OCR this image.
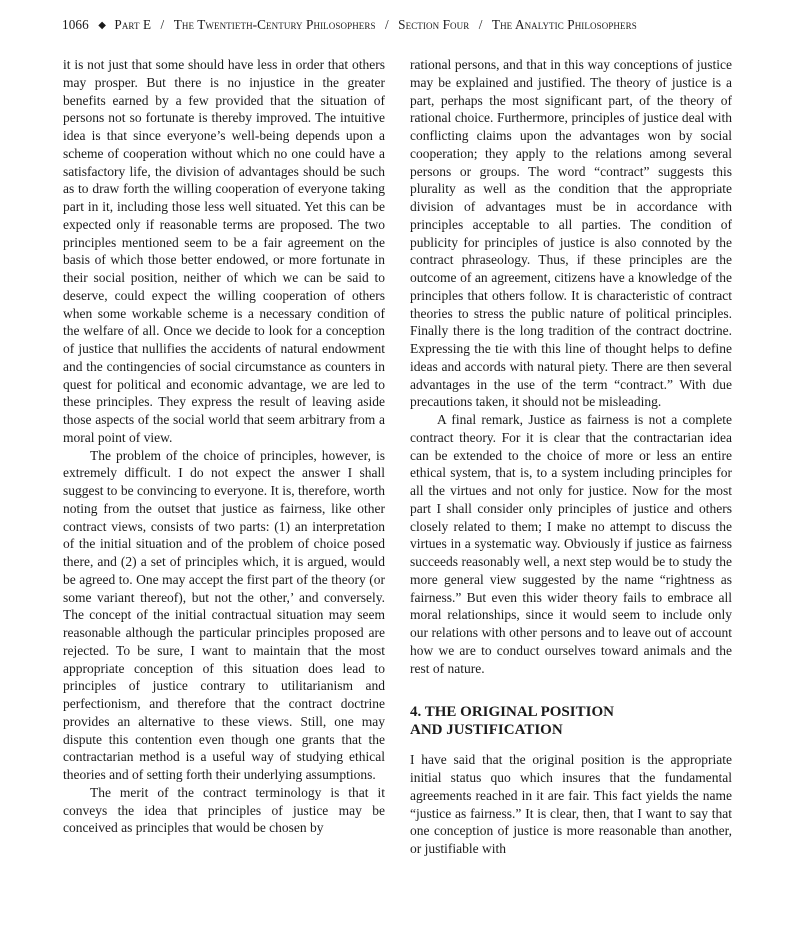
1066 ◆ Part E / The Twentieth-Century Philosophers / Section Four / The Analytic Philosophers

it is not just that some should have less in order that others may prosper. But there is no injustice in the greater benefits earned by a few provided that the situation of persons not so fortunate is thereby improved. The intuitive idea is that since everyone’s well-being depends upon a scheme of cooperation without which no one could have a satisfactory life, the division of advantages should be such as to draw forth the willing cooperation of everyone taking part in it, including those less well situated. Yet this can be expected only if reasonable terms are proposed. The two principles mentioned seem to be a fair agreement on the basis of which those better endowed, or more fortunate in their social position, neither of which we can be said to deserve, could expect the willing cooperation of others when some workable scheme is a necessary condition of the welfare of all. Once we decide to look for a conception of justice that nullifies the accidents of natural endowment and the contingencies of social circumstance as counters in quest for political and economic advantage, we are led to these principles. They express the result of leaving aside those aspects of the social world that seem arbitrary from a moral point of view.

The problem of the choice of principles, however, is extremely difficult. I do not expect the answer I shall suggest to be convincing to everyone. It is, therefore, worth noting from the outset that justice as fairness, like other contract views, consists of two parts: (1) an interpretation of the initial situation and of the problem of choice posed there, and (2) a set of principles which, it is argued, would be agreed to. One may accept the first part of the theory (or some variant thereof), but not the other,’ and conversely. The concept of the initial contractual situation may seem reasonable although the particular principles proposed are rejected. To be sure, I want to maintain that the most appropriate conception of this situation does lead to principles of justice contrary to utilitarianism and perfectionism, and therefore that the contract doctrine provides an alternative to these views. Still, one may dispute this contention even though one grants that the contractarian method is a useful way of studying ethical theories and of setting forth their underlying assumptions.

The merit of the contract terminology is that it conveys the idea that principles of justice may be conceived as principles that would be chosen by

rational persons, and that in this way conceptions of justice may be explained and justified. The theory of justice is a part, perhaps the most significant part, of the theory of rational choice. Furthermore, principles of justice deal with conflicting claims upon the advantages won by social cooperation; they apply to the relations among several persons or groups. The word “contract” suggests this plurality as well as the condition that the appropriate division of advantages must be in accordance with principles acceptable to all parties. The condition of publicity for principles of justice is also connoted by the contract phraseology. Thus, if these principles are the outcome of an agreement, citizens have a knowledge of the principles that others follow. It is characteristic of contract theories to stress the public nature of political principles. Finally there is the long tradition of the contract doctrine. Expressing the tie with this line of thought helps to define ideas and accords with natural piety. There are then several advantages in the use of the term “contract.” With due precautions taken, it should not be misleading.

A final remark, Justice as fairness is not a complete contract theory. For it is clear that the contractarian idea can be extended to the choice of more or less an entire ethical system, that is, to a system including principles for all the virtues and not only for justice. Now for the most part I shall consider only principles of justice and others closely related to them; I make no attempt to discuss the virtues in a systematic way. Obviously if justice as fairness succeeds reasonably well, a next step would be to study the more general view suggested by the name “rightness as fairness.” But even this wider theory fails to embrace all moral relationships, since it would seem to include only our relations with other persons and to leave out of account how we are to conduct ourselves toward animals and the rest of nature.

4. THE ORIGINAL POSITION
AND JUSTIFICATION

I have said that the original position is the appropriate initial status quo which insures that the fundamental agreements reached in it are fair. This fact yields the name “justice as fairness.” It is clear, then, that I want to say that one conception of justice is more reasonable than another, or justifiable with
